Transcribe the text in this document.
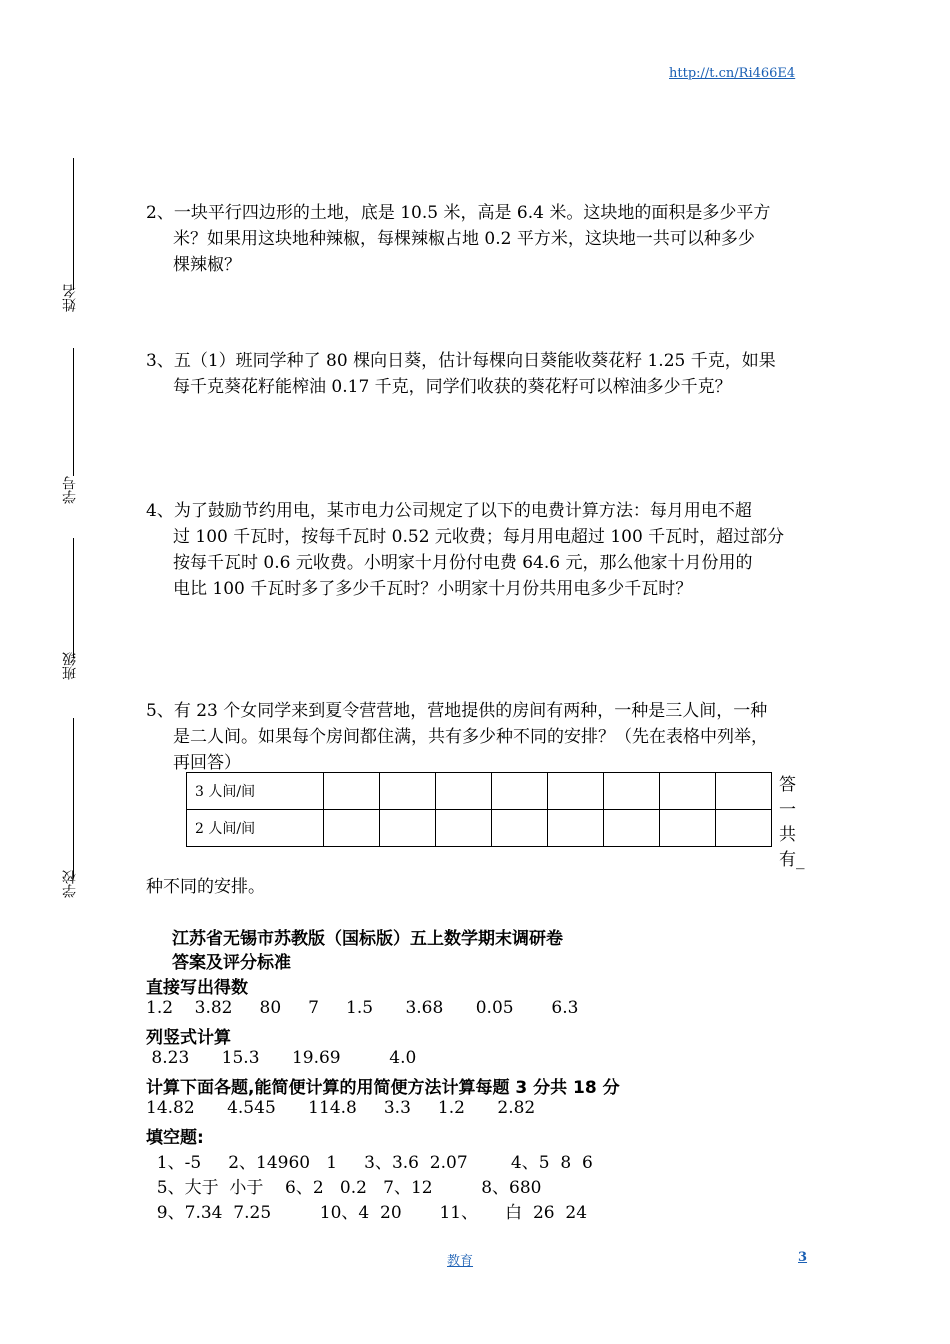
http://t.cn/Ri466E4
姓名
学号
班级
学校
2、一块平行四边形的土地，底是 10.5 米，高是 6.4 米。这块地的面积是多少平方
米？如果用这块地种辣椒，每棵辣椒占地 0.2 平方米，这块地一共可以种多少
棵辣椒？
3、五（1）班同学种了 80 棵向日葵，估计每棵向日葵能收葵花籽 1.25 千克，如果
每千克葵花籽能榨油 0.17 千克，同学们收获的葵花籽可以榨油多少千克？
4、为了鼓励节约用电，某市电力公司规定了以下的电费计算方法：每月用电不超
过 100 千瓦时，按每千瓦时 0.52 元收费；每月用电超过 100 千瓦时，超过部分
按每千瓦时 0.6 元收费。小明家十月份付电费 64.6 元，那么他家十月份用的
电比 100 千瓦时多了多少千瓦时？小明家十月份共用电多少千瓦时？
5、有 23 个女同学来到夏令营营地，营地提供的房间有两种，一种是三人间，一种
是二人间。如果每个房间都住满，共有多少种不同的安排？（先在表格中列举，
再回答）
3 人间/间								
2 人间/间								
答
一
共
有_
种不同的安排。
江苏省无锡市苏教版（国标版）五上数学期末调研卷
答案及评分标准
直接写出得数
1.2    3.82     80     7     1.5      3.68      0.05       6.3
列竖式计算
8.23      15.3      19.69         4.0
计算下面各题,能简便计算的用简便方法计算每题 3 分共 18 分
14.82      4.545      114.8     3.3     1.2      2.82
填空题:
1、-5     2、14960   1     3、3.6  2.07        4、5  8  6
5、大于  小于    6、2   0.2   7、12         8、680
9、7.34  7.25         10、4  20       11、     白  26  24
教育	3
